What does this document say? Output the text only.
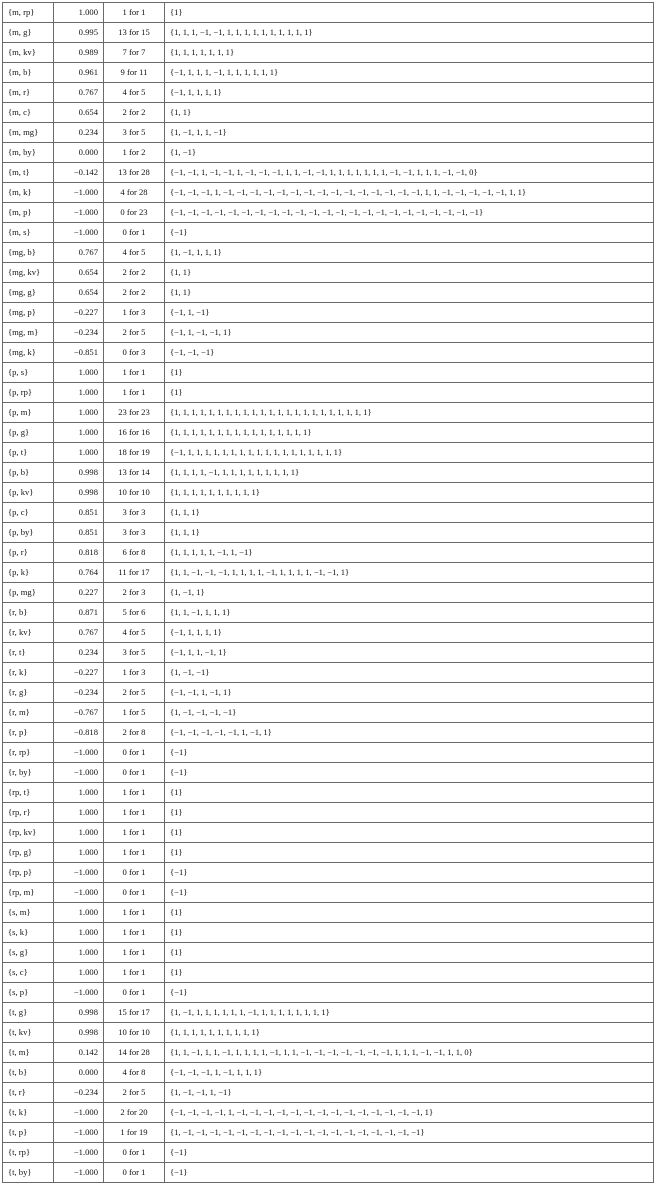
{m, rp}	1.000	1 for 1	{1}
{m, g}	0.995	13 for 15	{1, 1, 1, −1, −1, 1, 1, 1, 1, 1, 1, 1, 1, 1, 1}
{m, kv}	0.989	7 for 7	{1, 1, 1, 1, 1, 1, 1}
{m, b}	0.961	9 for 11	{−1, 1, 1, 1, −1, 1, 1, 1, 1, 1, 1}
{m, r}	0.767	4 for 5	{−1, 1, 1, 1, 1}
{m, c}	0.654	2 for 2	{1, 1}
{m, mg}	0.234	3 for 5	{1, −1, 1, 1, −1}
{m, by}	0.000	1 for 2	{1, −1}
{m, t}	−0.142	13 for 28	{−1, −1, 1, −1, −1, 1, −1, −1, −1, 1, 1, −1, −1, 1, 1, 1, 1, 1, 1, 1, −1, −1, 1, 1, 1, −1, −1, 0}
{m, k}	−1.000	4 for 28	{−1, −1, −1, 1, −1, −1, −1, −1, −1, −1, −1, −1, −1, −1, −1, −1, −1, −1, −1, 1, 1, −1, −1, −1, −1, −1, 1, 1}
{m, p}	−1.000	0 for 23	{−1, −1, −1, −1, −1, −1, −1, −1, −1, −1, −1, −1, −1, −1, −1, −1, −1, −1, −1, −1, −1, −1, −1}
{m, s}	−1.000	0 for 1	{−1}
{mg, b}	0.767	4 for 5	{1, −1, 1, 1, 1}
{mg, kv}	0.654	2 for 2	{1, 1}
{mg, g}	0.654	2 for 2	{1, 1}
{mg, p}	−0.227	1 for 3	{−1, 1, −1}
{mg, m}	−0.234	2 for 5	{−1, 1, −1, −1, 1}
{mg, k}	−0.851	0 for 3	{−1, −1, −1}
{p, s}	1.000	1 for 1	{1}
{p, rp}	1.000	1 for 1	{1}
{p, m}	1.000	23 for 23	{1, 1, 1, 1, 1, 1, 1, 1, 1, 1, 1, 1, 1, 1, 1, 1, 1, 1, 1, 1, 1, 1, 1}
{p, g}	1.000	16 for 16	{1, 1, 1, 1, 1, 1, 1, 1, 1, 1, 1, 1, 1, 1, 1, 1}
{p, t}	1.000	18 for 19	{−1, 1, 1, 1, 1, 1, 1, 1, 1, 1, 1, 1, 1, 1, 1, 1, 1, 1, 1}
{p, b}	0.998	13 for 14	{1, 1, 1, 1, −1, 1, 1, 1, 1, 1, 1, 1, 1, 1}
{p, kv}	0.998	10 for 10	{1, 1, 1, 1, 1, 1, 1, 1, 1, 1}
{p, c}	0.851	3 for 3	{1, 1, 1}
{p, by}	0.851	3 for 3	{1, 1, 1}
{p, r}	0.818	6 for 8	{1, 1, 1, 1, 1, −1, 1, −1}
{p, k}	0.764	11 for 17	{1, 1, −1, −1, −1, 1, 1, 1, 1, −1, 1, 1, 1, 1, −1, −1, 1}
{p, mg}	0.227	2 for 3	{1, −1, 1}
{r, b}	0.871	5 for 6	{1, 1, −1, 1, 1, 1}
{r, kv}	0.767	4 for 5	{−1, 1, 1, 1, 1}
{r, t}	0.234	3 for 5	{−1, 1, 1, −1, 1}
{r, k}	−0.227	1 for 3	{1, −1, −1}
{r, g}	−0.234	2 for 5	{−1, −1, 1, −1, 1}
{r, m}	−0.767	1 for 5	{1, −1, −1, −1, −1}
{r, p}	−0.818	2 for 8	{−1, −1, −1, −1, −1, 1, −1, 1}
{r, rp}	−1.000	0 for 1	{−1}
{r, by}	−1.000	0 for 1	{−1}
{rp, t}	1.000	1 for 1	{1}
{rp, r}	1.000	1 for 1	{1}
{rp, kv}	1.000	1 for 1	{1}
{rp, g}	1.000	1 for 1	{1}
{rp, p}	−1.000	0 for 1	{−1}
{rp, m}	−1.000	0 for 1	{−1}
{s, m}	1.000	1 for 1	{1}
{s, k}	1.000	1 for 1	{1}
{s, g}	1.000	1 for 1	{1}
{s, c}	1.000	1 for 1	{1}
{s, p}	−1.000	0 for 1	{−1}
{t, g}	0.998	15 for 17	{1, −1, 1, 1, 1, 1, 1, 1, −1, 1, 1, 1, 1, 1, 1, 1, 1}
{t, kv}	0.998	10 for 10	{1, 1, 1, 1, 1, 1, 1, 1, 1, 1}
{t, m}	0.142	14 for 28	{1, 1, −1, 1, 1, −1, 1, 1, 1, 1, −1, 1, 1, −1, −1, −1, −1, −1, −1, −1, 1, 1, 1, −1, −1, 1, 1, 0}
{t, b}	0.000	4 for 8	{−1, −1, −1, 1, −1, 1, 1, 1}
{t, r}	−0.234	2 for 5	{1, −1, −1, 1, −1}
{t, k}	−1.000	2 for 20	{−1, −1, −1, −1, 1, −1, −1, −1, −1, −1, −1, −1, −1, −1, −1, −1, −1, −1, −1, 1}
{t, p}	−1.000	1 for 19	{1, −1, −1, −1, −1, −1, −1, −1, −1, −1, −1, −1, −1, −1, −1, −1, −1, −1, −1}
{t, rp}	−1.000	0 for 1	{−1}
{t, by}	−1.000	0 for 1	{−1}
